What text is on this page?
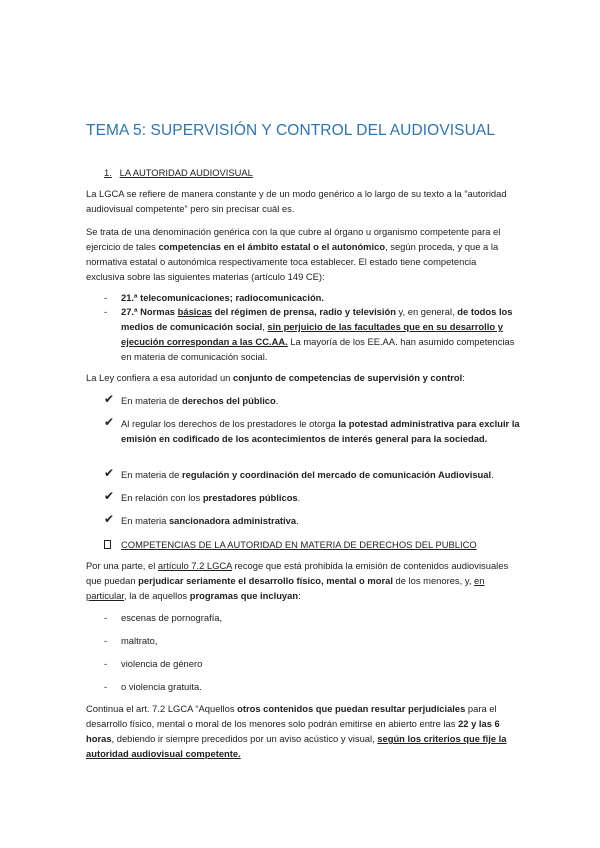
TEMA 5: SUPERVISIÓN Y CONTROL DEL AUDIOVISUAL
1. LA AUTORIDAD AUDIOVISUAL
La LGCA se refiere de manera constante y de un modo genérico a lo largo de su texto a la “autoridad audiovisual competente” pero sin precisar cuál es.
Se trata de una denominación genérica con la que cubre al órgano u organismo competente para el ejercicio de tales competencias en el ámbito estatal o el autonómico, según proceda, y que a la normativa estatal o autonómica respectivamente toca establecer. El estado tiene competencia exclusiva sobre las siguientes materias (artículo 149 CE):
- 21.ª telecomunicaciones; radiocomunicación.
- 27.ª Normas básicas del régimen de prensa, radio y televisión y, en general, de todos los medios de comunicación social, sin perjuicio de las facultades que en su desarrollo y ejecución correspondan a las CC.AA. La mayoría de los EE.AA. han asumido competencias en materia de comunicación social.
La Ley confiera a esa autoridad un conjunto de competencias de supervisión y control:
✔ En materia de derechos del público.
✔ Al regular los derechos de los prestadores le otorga la potestad administrativa para excluir la emisión en codificado de los acontecimientos de interés general para la sociedad.
✔ En materia de regulación y coordinación del mercado de comunicación Audiovisual.
✔ En relación con los prestadores públicos.
✔ En materia sancionadora administrativa.
COMPETENCIAS DE LA AUTORIDAD EN MATERIA DE DERECHOS DEL PUBLICO
Por una parte, el artículo 7.2 LGCA recoge que está prohibida la emisión de contenidos audiovisuales que puedan perjudicar seriamente el desarrollo físico, mental o moral de los menores, y, en particular, la de aquellos programas que incluyan:
- escenas de pornografía,
- maltrato,
- violencia de género
- o violencia gratuita.
Continua el art. 7.2 LGCA “Aquellos otros contenidos que puedan resultar perjudiciales para el desarrollo físico, mental o moral de los menores solo podrán emitirse en abierto entre las 22 y las 6 horas, debiendo ir siempre precedidos por un aviso acústico y visual, según los criterios que fije la autoridad audiovisual competente.
